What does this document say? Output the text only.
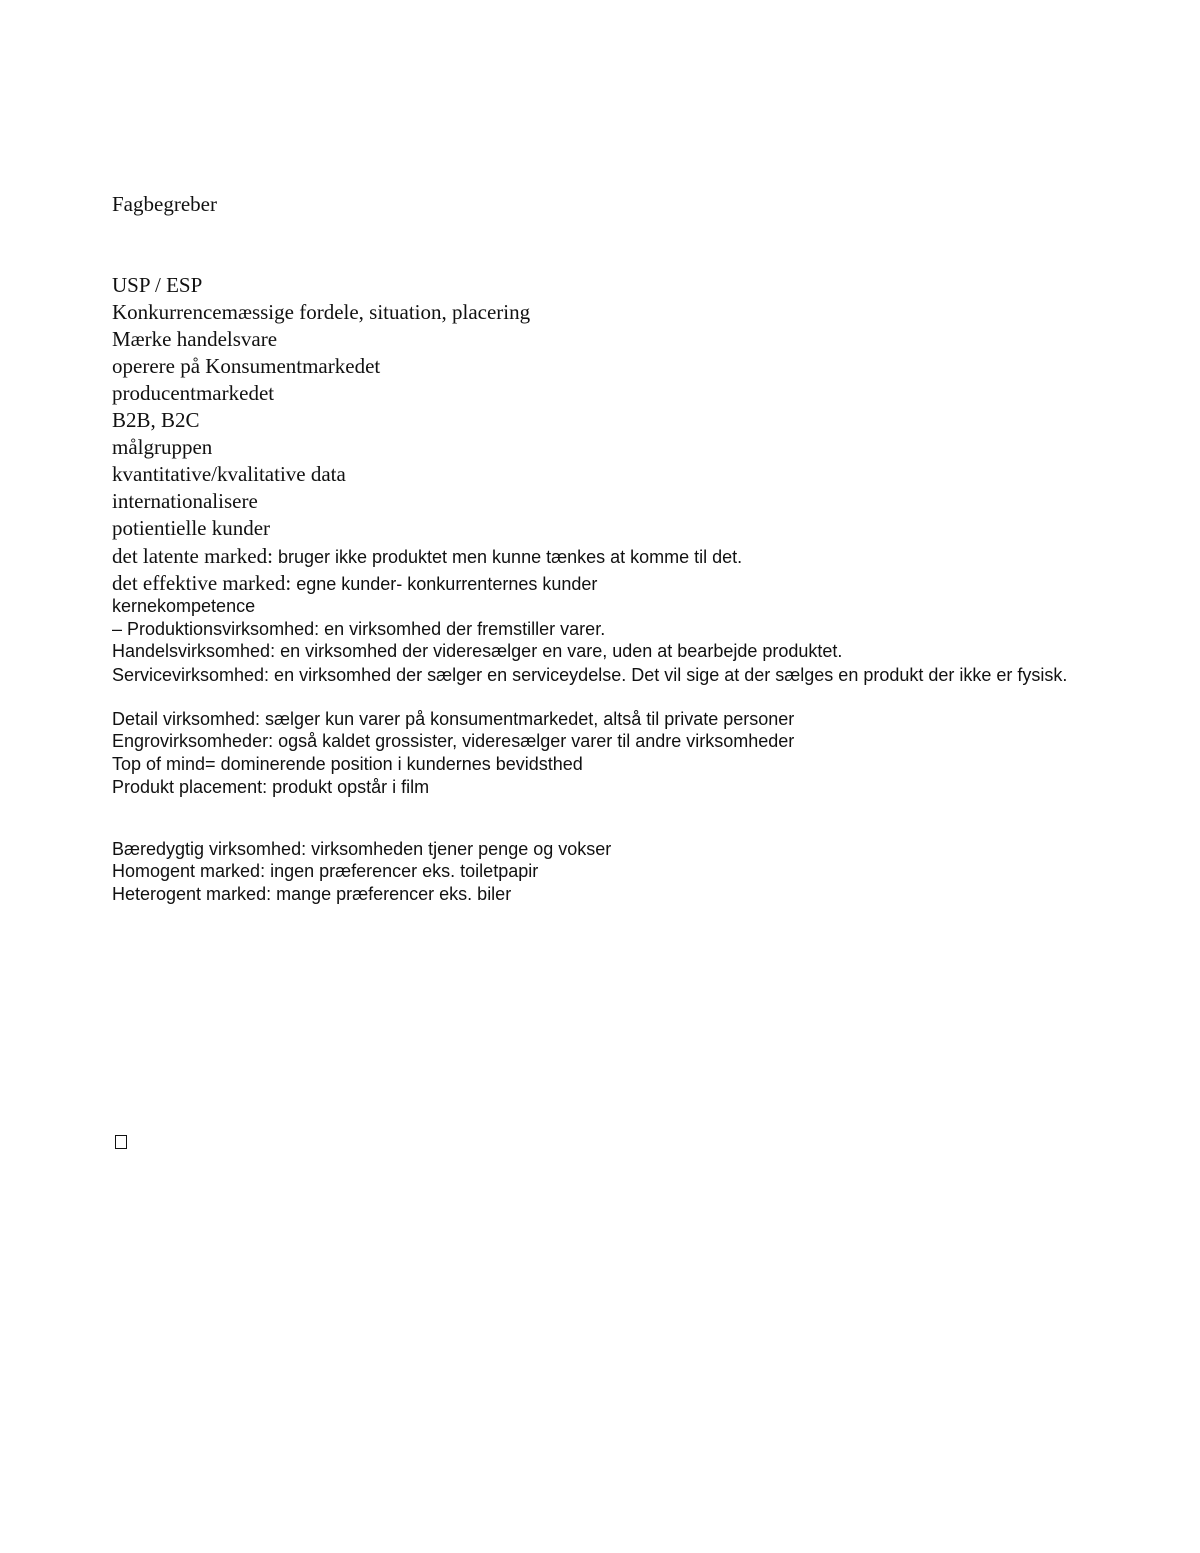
Fagbegreber
USP / ESP
Konkurrencemæssige fordele, situation, placering
Mærke handelsvare
operere på Konsumentmarkedet
producentmarkedet
B2B, B2C
målgruppen
kvantitative/kvalitative data
internationalisere
potientielle kunder
det latente marked: bruger ikke produktet men kunne tænkes at komme til det.
det effektive marked: egne kunder- konkurrenternes kunder
kernekompetence
– Produktionsvirksomhed: en virksomhed der fremstiller varer.
Handelsvirksomhed: en virksomhed der videresælger en vare, uden at bearbejde produktet.
Servicevirksomhed: en virksomhed der sælger en serviceydelse. Det vil sige at der sælges en produkt der ikke er fysisk.
Detail virksomhed: sælger kun varer på konsumentmarkedet, altså til private personer
Engrovirksomheder: også kaldet grossister, videresælger varer til andre virksomheder
Top of mind= dominerende position i kundernes bevidsthed
Produkt placement: produkt opstår i film
Bæredygtig virksomhed: virksomheden tjener penge og vokser
Homogent marked: ingen præferencer eks. toiletpapir
Heterogent marked: mange præferencer eks. biler
